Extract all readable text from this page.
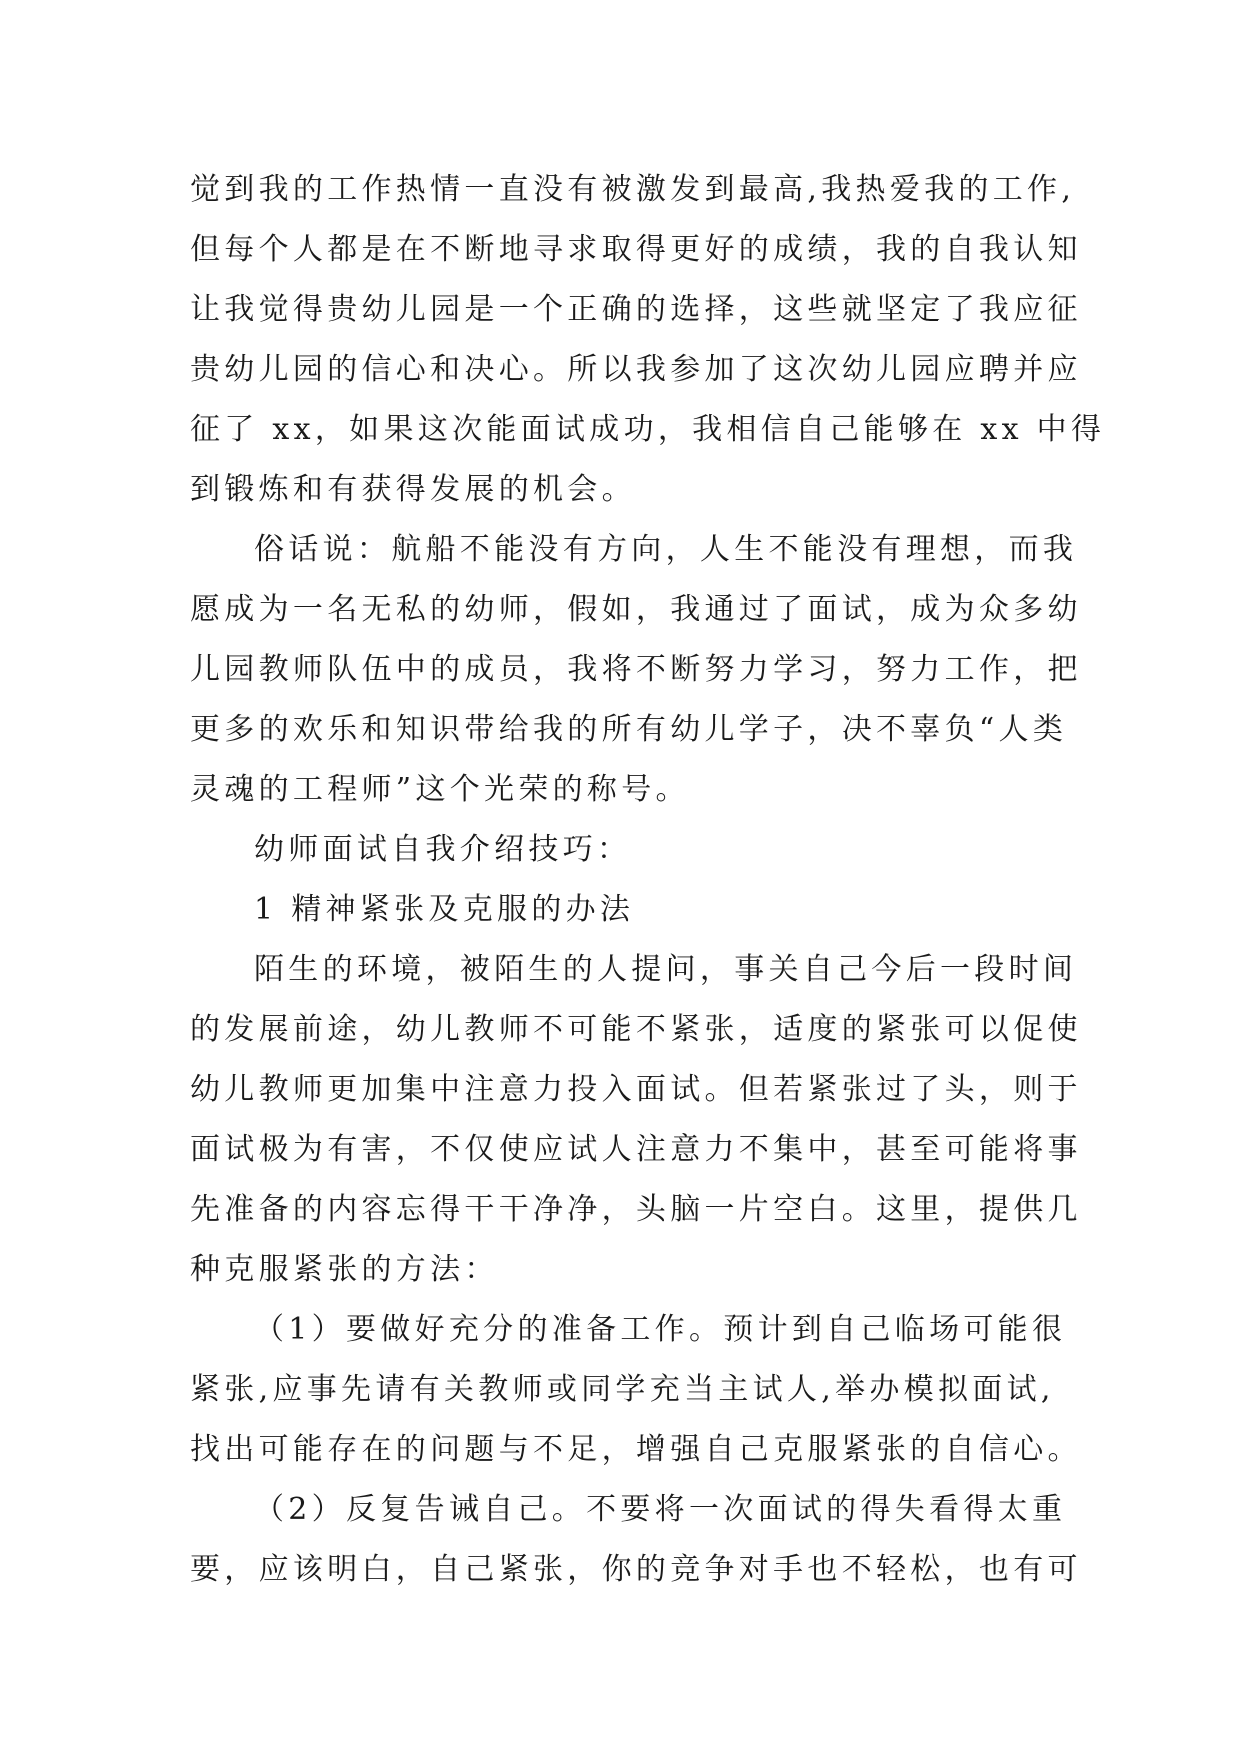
觉到我的工作热情一直没有被激发到最高,我热爱我的工作,
但每个人都是在不断地寻求取得更好的成绩，我的自我认知
让我觉得贵幼儿园是一个正确的选择，这些就坚定了我应征
贵幼儿园的信心和决心。所以我参加了这次幼儿园应聘并应
征了 xx，如果这次能面试成功，我相信自己能够在 xx 中得
到锻炼和有获得发展的机会。
俗话说：航船不能没有方向，人生不能没有理想，而我
愿成为一名无私的幼师，假如，我通过了面试，成为众多幼
儿园教师队伍中的成员，我将不断努力学习，努力工作，把
更多的欢乐和知识带给我的所有幼儿学子，决不辜负“人类
灵魂的工程师”这个光荣的称号。
幼师面试自我介绍技巧：
1 精神紧张及克服的办法
陌生的环境，被陌生的人提问，事关自己今后一段时间
的发展前途，幼儿教师不可能不紧张，适度的紧张可以促使
幼儿教师更加集中注意力投入面试。但若紧张过了头，则于
面试极为有害，不仅使应试人注意力不集中，甚至可能将事
先准备的内容忘得干干净净，头脑一片空白。这里，提供几
种克服紧张的方法：
（1）要做好充分的准备工作。预计到自己临场可能很
紧张,应事先请有关教师或同学充当主试人,举办模拟面试,
找出可能存在的问题与不足，增强自己克服紧张的自信心。
（2）反复告诫自己。不要将一次面试的得失看得太重
要，应该明白，自己紧张，你的竞争对手也不轻松，也有可
